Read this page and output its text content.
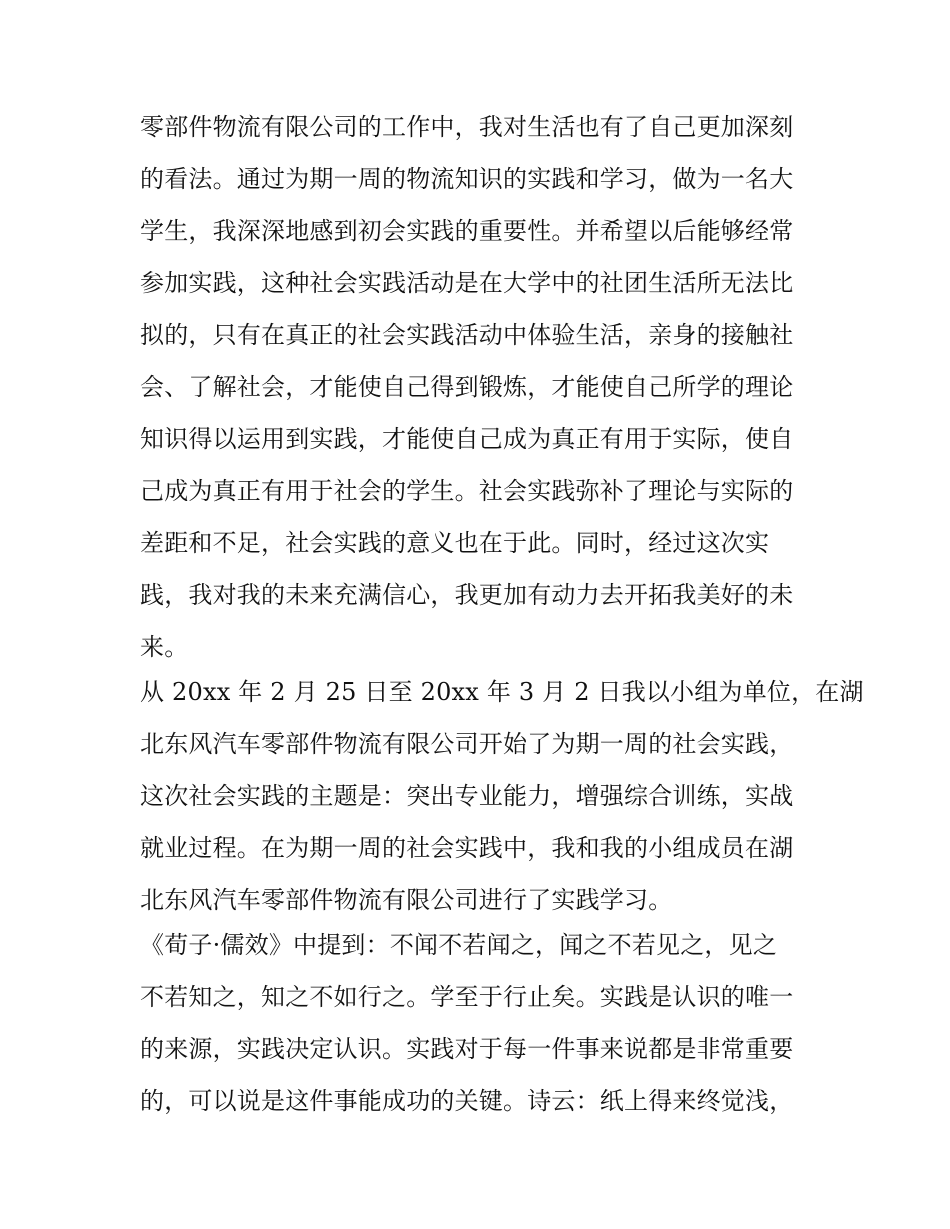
零部件物流有限公司的工作中，我对生活也有了自己更加深刻
的看法。通过为期一周的物流知识的实践和学习，做为一名大
学生，我深深地感到初会实践的重要性。并希望以后能够经常
参加实践，这种社会实践活动是在大学中的社团生活所无法比
拟的，只有在真正的社会实践活动中体验生活，亲身的接触社
会、了解社会，才能使自己得到锻炼，才能使自己所学的理论
知识得以运用到实践，才能使自己成为真正有用于实际，使自
己成为真正有用于社会的学生。社会实践弥补了理论与实际的
差距和不足，社会实践的意义也在于此。同时，经过这次实
践，我对我的未来充满信心，我更加有动力去开拓我美好的未
来。
从 20xx 年 2 月 25 日至 20xx 年 3 月 2 日我以小组为单位，在湖
北东风汽车零部件物流有限公司开始了为期一周的社会实践，
这次社会实践的主题是：突出专业能力，增强综合训练，实战
就业过程。在为期一周的社会实践中，我和我的小组成员在湖
北东风汽车零部件物流有限公司进行了实践学习。
《荀子·儒效》中提到：不闻不若闻之，闻之不若见之，见之
不若知之，知之不如行之。学至于行止矣。实践是认识的唯一
的来源，实践决定认识。实践对于每一件事来说都是非常重要
的，可以说是这件事能成功的关键。诗云：纸上得来终觉浅，
